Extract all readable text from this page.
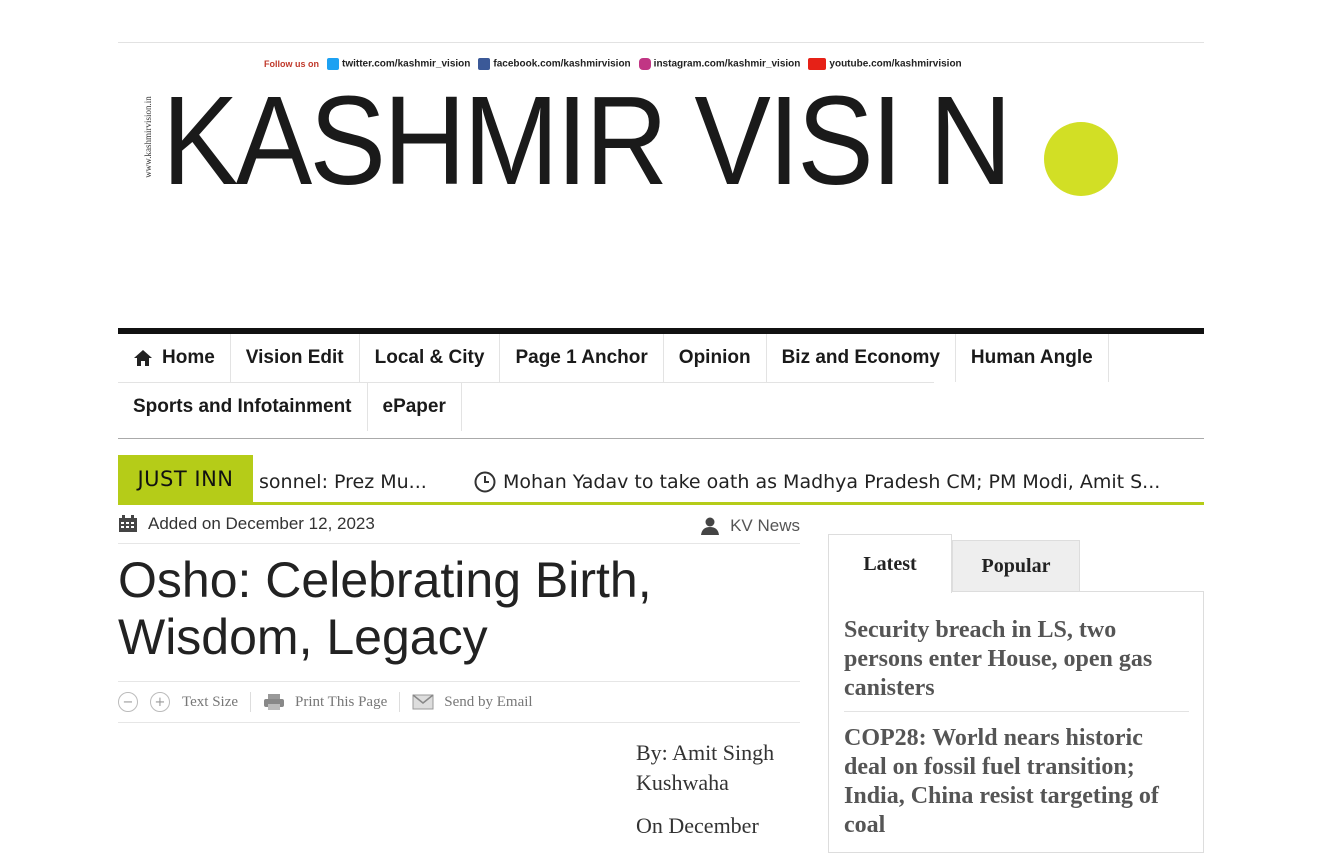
Follow us on	twitter.com/kashmir_vision	facebook.com/kashmirvision	instagram.com/kashmir_vision	youtube.com/kashmirvision
www.kashmirvision.in KASHMIR VISI N
Home	Vision Edit	Local & City	Page 1 Anchor	Opinion	Biz and Economy	Human Angle
Sports and Infotainment	ePaper
JUST INN	sonnel: Prez Mu...	Mohan Yadav to take oath as Madhya Pradesh CM; PM Modi, Amit S...
Added on December 12, 2023	KV News
Osho: Celebrating Birth, Wisdom, Legacy
−	+	Text Size	Print This Page	Send by Email
By: Amit Singh Kushwaha
On December
Latest	Popular
Security breach in LS, two persons enter House, open gas canisters
COP28: World nears historic deal on fossil fuel transition; India, China resist targeting of coal
